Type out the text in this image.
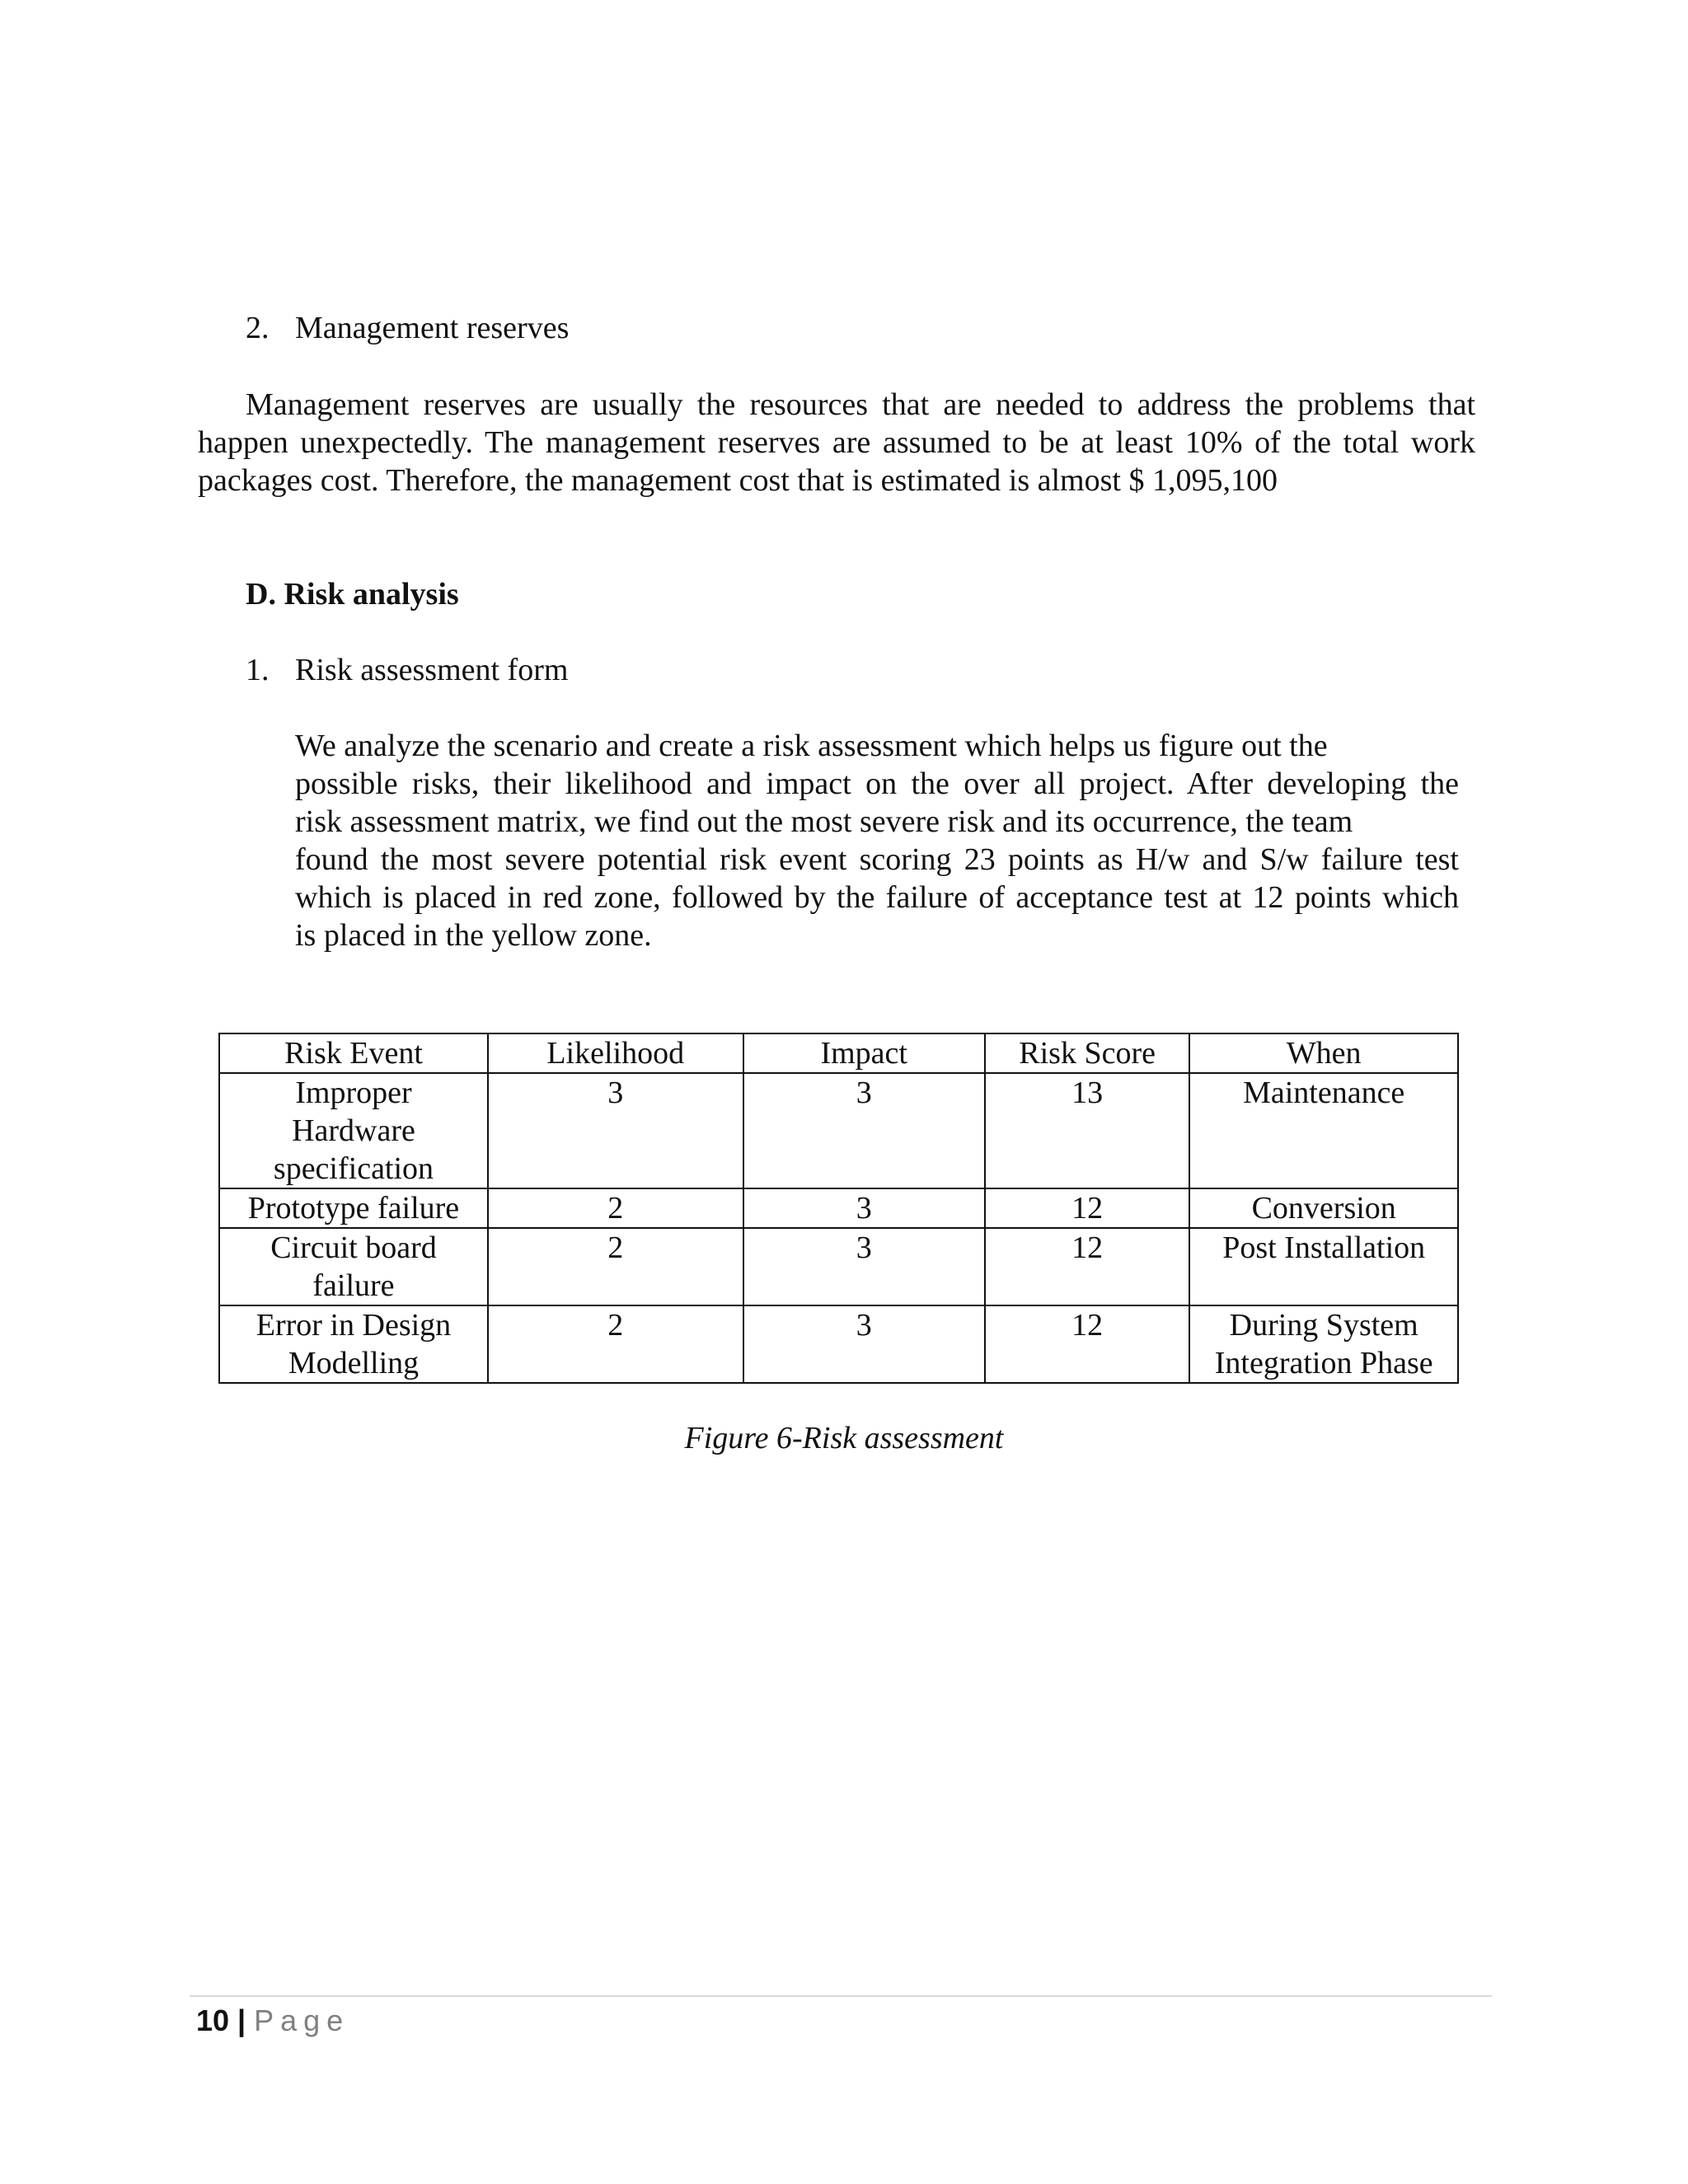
2. Management reserves
Management reserves are usually the resources that are needed to address the problems that
happen unexpectedly. The management reserves are assumed to be at least 10% of the total work
packages cost. Therefore, the management cost that is estimated is almost $ 1,095,100
D. Risk analysis
1. Risk assessment form
We analyze the scenario and create a risk assessment which helps us figure out the
possible risks, their likelihood and impact on the over all project. After developing the
risk assessment matrix, we find out the most severe risk and its occurrence, the team
found the most severe potential risk event scoring 23 points as H/w and S/w failure test
which is placed in red zone, followed by the failure of acceptance test at 12 points which
is placed in the yellow zone.
Risk Event	Likelihood	Impact	Risk Score	When
Improper Hardware specification	3	3	13	Maintenance
Prototype failure	2	3	12	Conversion
Circuit board failure	2	3	12	Post Installation
Error in Design Modelling	2	3	12	During System Integration Phase
Figure 6-Risk assessment
10 | Page
